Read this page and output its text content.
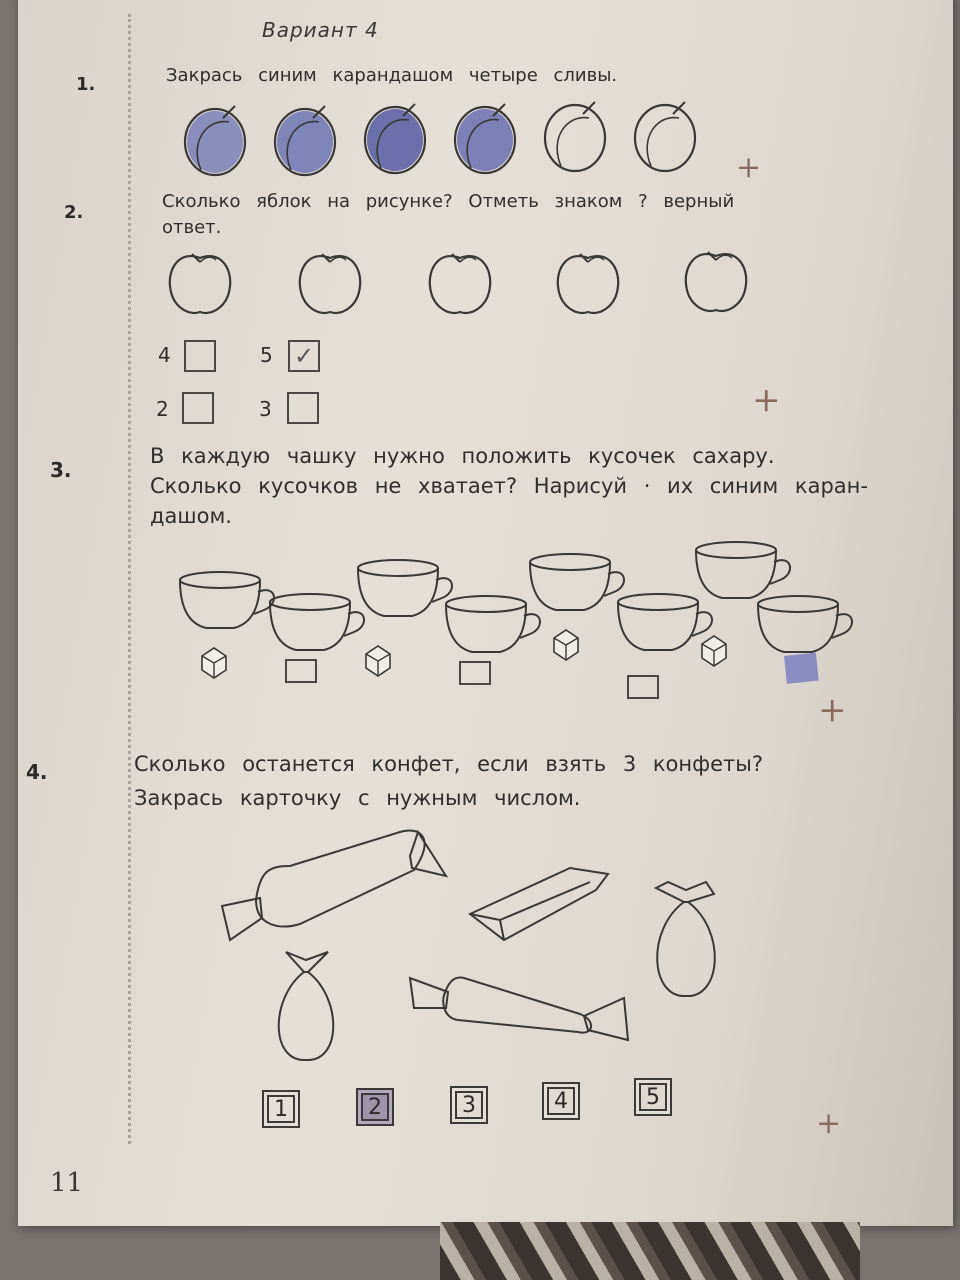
Вариант 4
1.	Закрась синим карандашом четыре сливы.
2.
Сколько яблок на рисунке? Отметь знаком ? верный
ответ.
4	5 ✓
2	3
+
+
3.
В каждую чашку нужно положить кусочек сахару.
Сколько кусочков не хватает? Нарисуй · их синим каран-
дашом.
+
4.	Сколько останется конфет, если взять 3 конфеты?
Закрась карточку с нужным числом.
1	2	3	4	5
+
11
